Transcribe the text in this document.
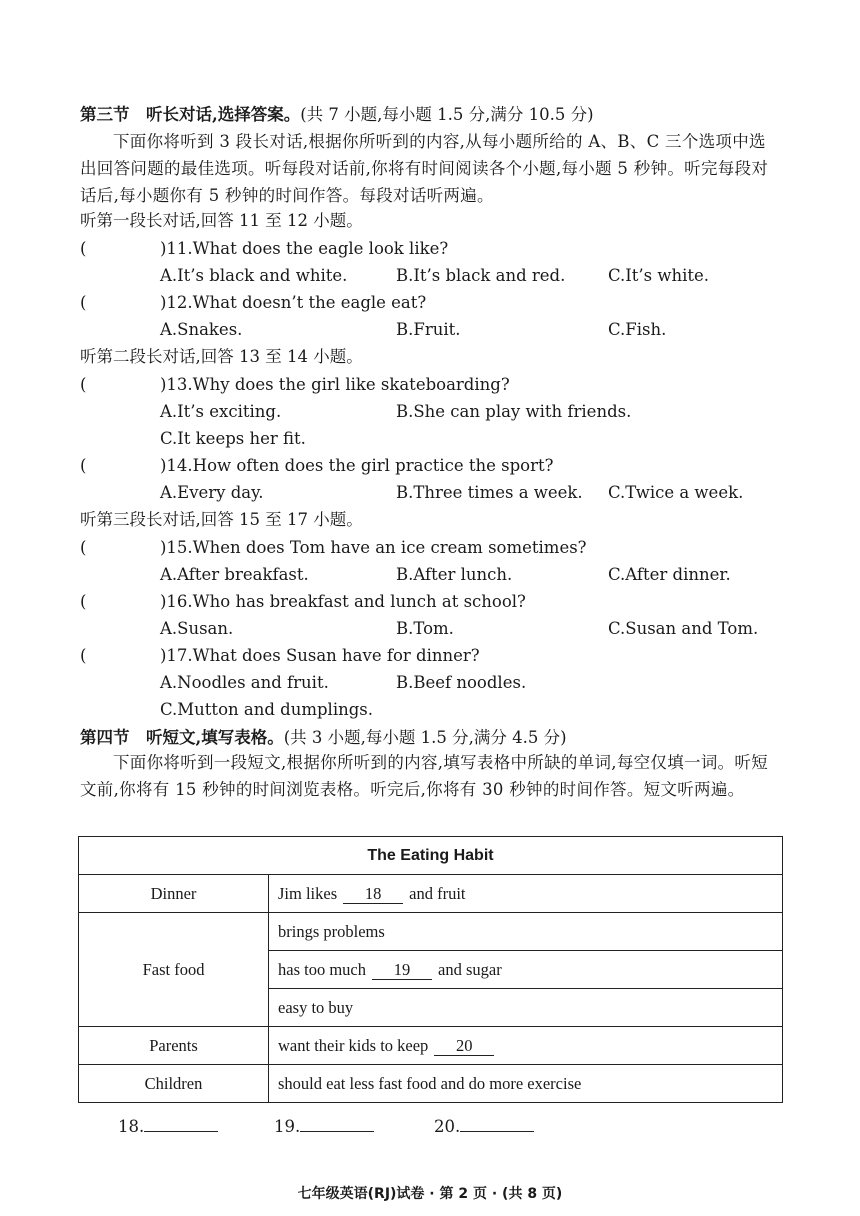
第三节　听长对话,选择答案。(共 7 小题,每小题 1.5 分,满分 10.5 分)
下面你将听到 3 段长对话,根据你所听到的内容,从每小题所给的 A、B、C 三个选项中选出回答问题的最佳选项。听每段对话前,你将有时间阅读各个小题,每小题 5 秒钟。听完每段对话后,每小题你有 5 秒钟的时间作答。每段对话听两遍。
听第一段长对话,回答 11 至 12 小题。
(	)11.What does the eagle look like?
A.It’s black and white.	B.It’s black and red.	C.It’s white.
(	)12.What doesn’t the eagle eat?
A.Snakes.	B.Fruit.	C.Fish.
听第二段长对话,回答 13 至 14 小题。
(	)13.Why does the girl like skateboarding?
A.It’s exciting.	B.She can play with friends.
C.It keeps her fit.
(	)14.How often does the girl practice the sport?
A.Every day.	B.Three times a week. C.Twice a week.
听第三段长对话,回答 15 至 17 小题。
(	)15.When does Tom have an ice cream sometimes?
A.After breakfast.	B.After lunch.	C.After dinner.
(	)16.Who has breakfast and lunch at school?
A.Susan.	B.Tom.	C.Susan and Tom.
(	)17.What does Susan have for dinner?
A.Noodles and fruit.	B.Beef noodles.
C.Mutton and dumplings.
第四节　听短文,填写表格。(共 3 小题,每小题 1.5 分,满分 4.5 分)
下面你将听到一段短文,根据你所听到的内容,填写表格中所缺的单词,每空仅填一词。听短文前,你将有 15 秒钟的时间浏览表格。听完后,你将有 30 秒钟的时间作答。短文听两遍。
The Eating Habit	
Dinner	Jim likes 18 and fruit
Fast food	brings problems
	has too much 19 and sugar
	easy to buy
Parents	want their kids to keep 20
Children	should eat less fast food and do more exercise
18.	19.	20.
七年级英语(RJ)试卷 · 第 2 页 · (共 8 页)
